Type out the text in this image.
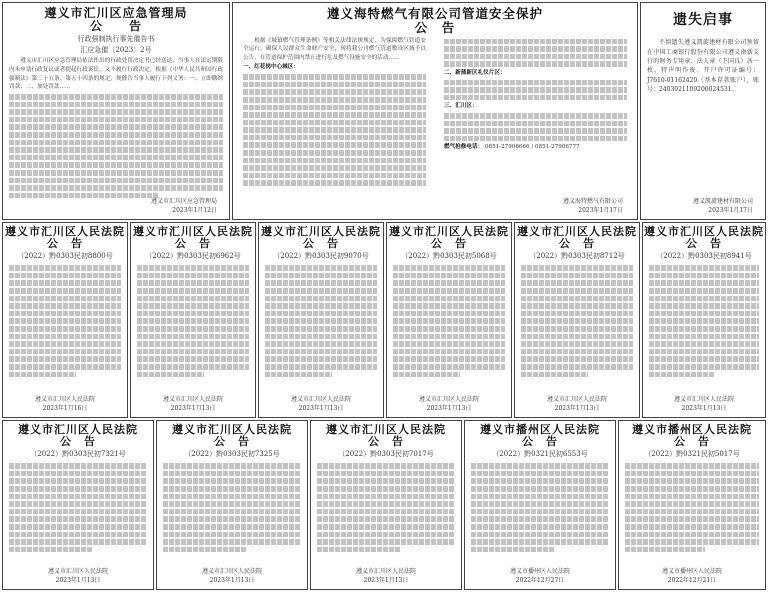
遵义市汇川区应急管理局
公　　告
行政强制执行事先催告书
汇应急催〔2023〕2号

遵义市汇川区应急管理局依法作出的行政处罚决定书已经送达，当事人在法定期限内未申请行政复议或者提起行政诉讼，又不履行行政决定。根据《中华人民共和国行政强制法》第三十五条、第五十四条的规定，现催告当事人履行下列义务：一、立即缴纳罚款；二、加处罚款……

遵义市汇川区应急管理局
2023年1月12日
遵义海特燃气有限公司管道安全保护
公　告

根据《城镇燃气管理条例》等相关法律法规规定，为保障燃气管道安全运行，确保人民群众生命财产安全，现将我公司燃气管道敷设区域予以公告，在管道保护范围内禁止进行危及燃气设施安全的活动……

一、红花岗中心城区：
二、新蒲新区礼仪片区：
三、汇川区：
燃气抢修电话： 0851-27906666 / 0851-27906777
遵义海特燃气有限公司
2023年1月17日
遗失启事

不慎遗失遵义凯旋建材有限公司预留在中国工商银行股份有限公司遵义南新支行的财务专用章、法人章（王国良）各一枚，特声明作废。开户许可证编号：J7610-01162420（基本存款账户），账号：2403021109200024531。

遵义凯旋建材有限公司
2023年1月17日
遵义市汇川区人民法院
公　告
（2022）黔0303民初8800号
遵义市汇川区人民法院
2023年1月16日
遵义市汇川区人民法院
公　告
（2022）黔0303民初6962号
遵义市汇川区人民法院
2023年1月13日
遵义市汇川区人民法院
公　告
（2022）黔0303民初9070号
遵义市汇川区人民法院
2023年1月13日
遵义市汇川区人民法院
公　告
（2022）黔0303民初5068号
遵义市汇川区人民法院
2023年1月13日
遵义市汇川区人民法院
公　告
（2022）黔0303民初8712号
遵义市汇川区人民法院
2023年1月13日
遵义市汇川区人民法院
公　告
（2022）黔0303民初8941号
遵义市汇川区人民法院
2023年1月13日
遵义市汇川区人民法院
公　告
（2022）黔0303民初7321号
遵义市汇川区人民法院
2023年1月13日
遵义市汇川区人民法院
公　告
（2022）黔0303民初7325号
遵义市汇川区人民法院
2023年1月13日
遵义市汇川区人民法院
公　告
（2022）黔0303民初7017号
遵义市汇川区人民法院
2023年1月13日
遵义市播州区人民法院
公　告
（2022）黔0321民初6553号
遵义市播州区人民法院
2022年12月27日
遵义市播州区人民法院
公　告
（2022）黔0321民初5017号
遵义市播州区人民法院
2022年12月21日
